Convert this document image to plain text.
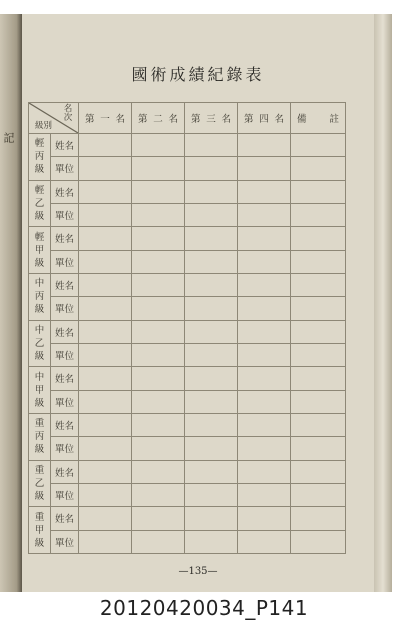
記
國術成績紀錄表
名次
級別		第 一 名	第 二 名	第 三 名	第 四 名	備 註

輕
丙
級	姓名					
	單位					

輕
乙
級	姓名					
	單位					

輕
甲
級	姓名					
	單位					

中
丙
級	姓名					
	單位					

中
乙
級	姓名					
	單位					

中
甲
級	姓名					
	單位					

重
丙
級	姓名					
	單位					

重
乙
級	姓名					
	單位					

重
甲
級	姓名					
	單位					
—135—
20120420034_P141
